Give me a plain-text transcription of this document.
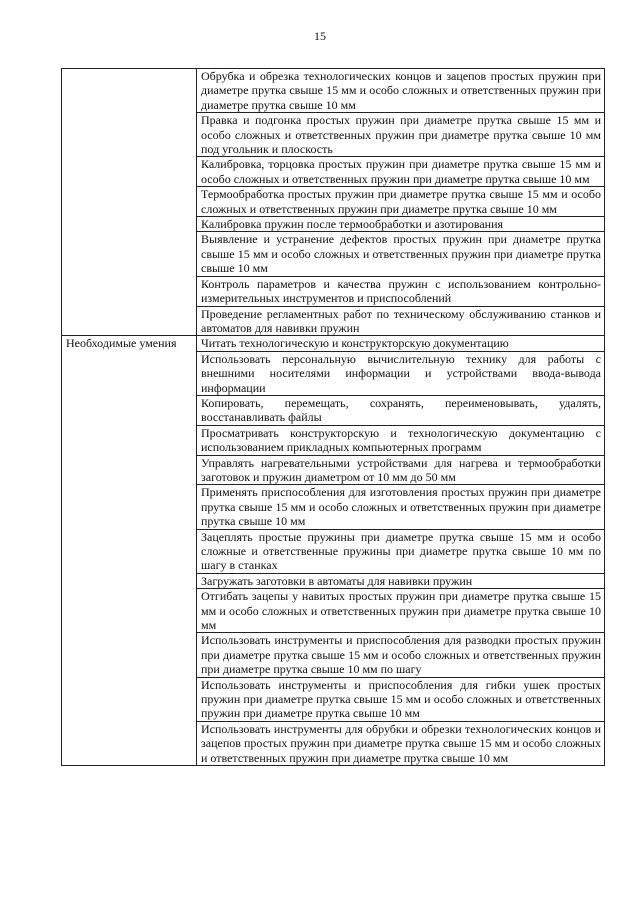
15
	Обрубка и обрезка технологических концов и зацепов простых пружин при диаметре прутка свыше 15 мм и особо сложных и ответственных пружин при диаметре прутка свыше 10 мм
	Правка и подгонка простых пружин при диаметре прутка свыше 15 мм и особо сложных и ответственных пружин при диаметре прутка свыше 10 мм под угольник и плоскость
	Калибровка, торцовка простых пружин при диаметре прутка свыше 15 мм и особо сложных и ответственных пружин при диаметре прутка свыше 10 мм
	Термообработка простых пружин при диаметре прутка свыше 15 мм и особо сложных и ответственных пружин при диаметре прутка свыше 10 мм
	Калибровка пружин после термообработки и азотирования
	Выявление и устранение дефектов простых пружин при диаметре прутка свыше 15 мм и особо сложных и ответственных пружин при диаметре прутка свыше 10 мм
	Контроль параметров и качества пружин с использованием контрольно-измерительных инструментов и приспособлений
	Проведение регламентных работ по техническому обслуживанию станков и автоматов для навивки пружин
Необходимые умения	Читать технологическую и конструкторскую документацию
	Использовать персональную вычислительную технику для работы с внешними носителями информации и устройствами ввода-вывода информации
	Копировать, перемещать, сохранять, переименовывать, удалять, восстанавливать файлы
	Просматривать конструкторскую и технологическую документацию с использованием прикладных компьютерных программ
	Управлять нагревательными устройствами для нагрева и термообработки заготовок и пружин диаметром от 10 мм до 50 мм
	Применять приспособления для изготовления простых пружин при диаметре прутка свыше 15 мм и особо сложных и ответственных пружин при диаметре прутка свыше 10 мм
	Зацеплять простые пружины при диаметре прутка свыше 15 мм и особо сложные и ответственные пружины при диаметре прутка свыше 10 мм по шагу в станках
	Загружать заготовки в автоматы для навивки пружин
	Отгибать зацепы у навитых простых пружин при диаметре прутка свыше 15 мм и особо сложных и ответственных пружин при диаметре прутка свыше 10 мм
	Использовать инструменты и приспособления для разводки простых пружин при диаметре прутка свыше 15 мм и особо сложных и ответственных пружин при диаметре прутка свыше 10 мм по шагу
	Использовать инструменты и приспособления для гибки ушек простых пружин при диаметре прутка свыше 15 мм и особо сложных и ответственных пружин при диаметре прутка свыше 10 мм
	Использовать инструменты для обрубки и обрезки технологических концов и зацепов простых пружин при диаметре прутка свыше 15 мм и особо сложных и ответственных пружин при диаметре прутка свыше 10 мм
